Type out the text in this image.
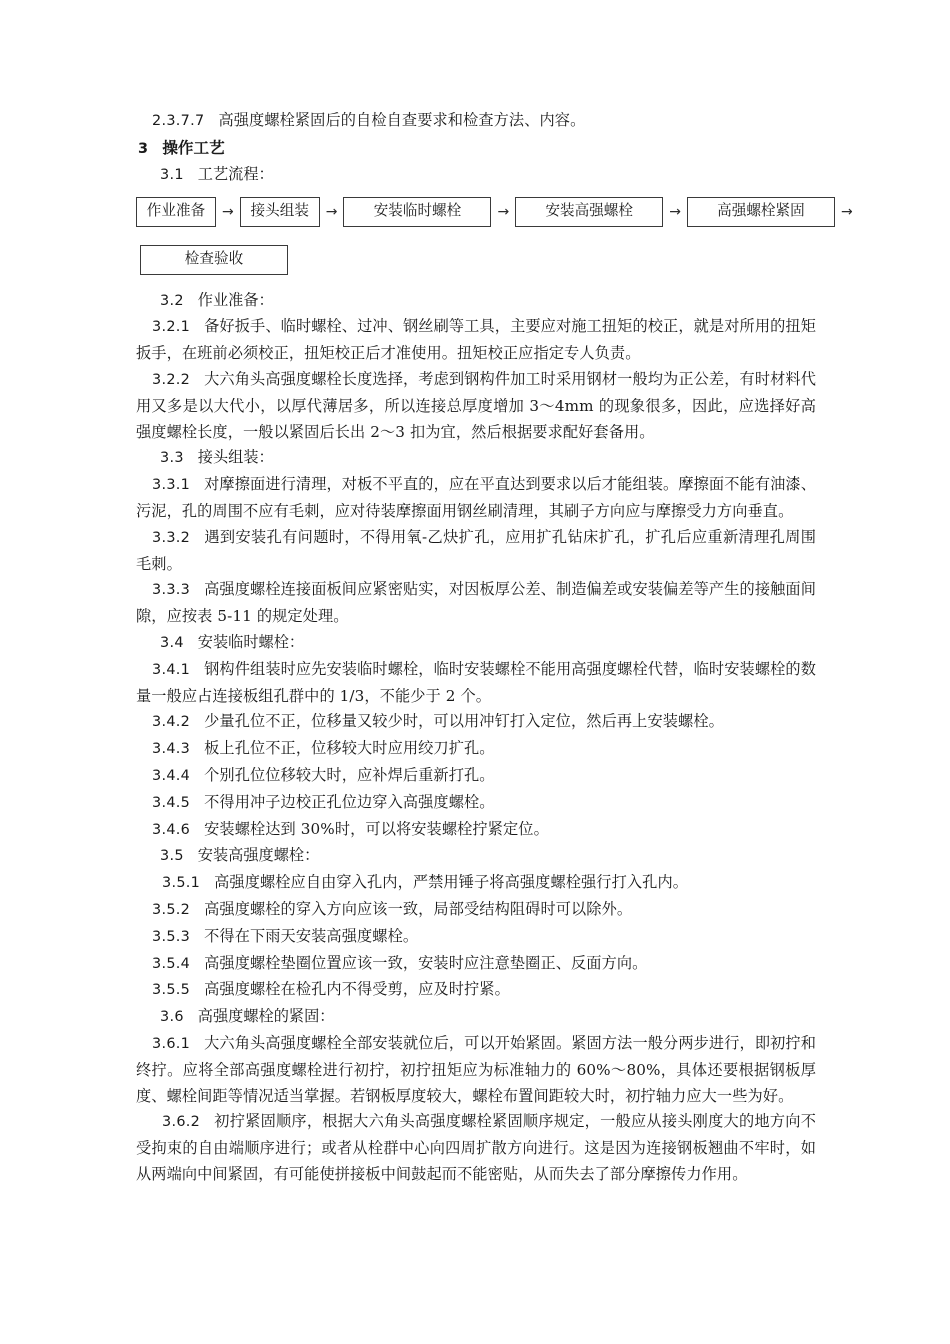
2.3.7.7 高强度螺栓紧固后的自检自查要求和检查方法、内容。

3 操作工艺

3.1 工艺流程：

作业准备	→	接头组装	→	安装临时螺栓	→	安装高强螺栓	→	高强螺栓紧固	→
检查验收

3.2 作业准备：

3.2.1 备好扳手、临时螺栓、过冲、钢丝刷等工具，主要应对施工扭矩的校正，就是对所用的扭矩扳手，在班前必须校正，扭矩校正后才准使用。扭矩校正应指定专人负责。

3.2.2 大六角头高强度螺栓长度选择，考虑到钢构件加工时采用钢材一般均为正公差，有时材料代用又多是以大代小，以厚代薄居多，所以连接总厚度增加 3～4mm 的现象很多，因此，应选择好高强度螺栓长度，一般以紧固后长出 2～3 扣为宜，然后根据要求配好套备用。

3.3 接头组装：

3.3.1 对摩擦面进行清理，对板不平直的，应在平直达到要求以后才能组装。摩擦面不能有油漆、污泥，孔的周围不应有毛刺，应对待装摩擦面用钢丝刷清理，其刷子方向应与摩擦受力方向垂直。

3.3.2 遇到安装孔有问题时，不得用氧-乙炔扩孔，应用扩孔钻床扩孔，扩孔后应重新清理孔周围毛刺。

3.3.3 高强度螺栓连接面板间应紧密贴实，对因板厚公差、制造偏差或安装偏差等产生的接触面间隙，应按表 5-11 的规定处理。

3.4 安装临时螺栓：

3.4.1 钢构件组装时应先安装临时螺栓，临时安装螺栓不能用高强度螺栓代替，临时安装螺栓的数量一般应占连接板组孔群中的 1/3，不能少于 2 个。

3.4.2 少量孔位不正，位移量又较少时，可以用冲钉打入定位，然后再上安装螺栓。

3.4.3 板上孔位不正，位移较大时应用绞刀扩孔。

3.4.4 个别孔位位移较大时，应补焊后重新打孔。

3.4.5 不得用冲子边校正孔位边穿入高强度螺栓。

3.4.6 安装螺栓达到 30%时，可以将安装螺栓拧紧定位。

3.5 安装高强度螺栓：

3.5.1 高强度螺栓应自由穿入孔内，严禁用锤子将高强度螺栓强行打入孔内。

3.5.2 高强度螺栓的穿入方向应该一致，局部受结构阻碍时可以除外。

3.5.3 不得在下雨天安装高强度螺栓。

3.5.4 高强度螺栓垫圈位置应该一致，安装时应注意垫圈正、反面方向。

3.5.5 高强度螺栓在检孔内不得受剪，应及时拧紧。

3.6 高强度螺栓的紧固：

3.6.1 大六角头高强度螺栓全部安装就位后，可以开始紧固。紧固方法一般分两步进行，即初拧和终拧。应将全部高强度螺栓进行初拧，初拧扭矩应为标准轴力的 60%～80%，具体还要根据钢板厚度、螺栓间距等情况适当掌握。若钢板厚度较大，螺栓布置间距较大时，初拧轴力应大一些为好。

3.6.2 初拧紧固顺序，根据大六角头高强度螺栓紧固顺序规定，一般应从接头刚度大的地方向不受拘束的自由端顺序进行；或者从栓群中心向四周扩散方向进行。这是因为连接钢板翘曲不牢时，如从两端向中间紧固，有可能使拼接板中间鼓起而不能密贴，从而失去了部分摩擦传力作用。
